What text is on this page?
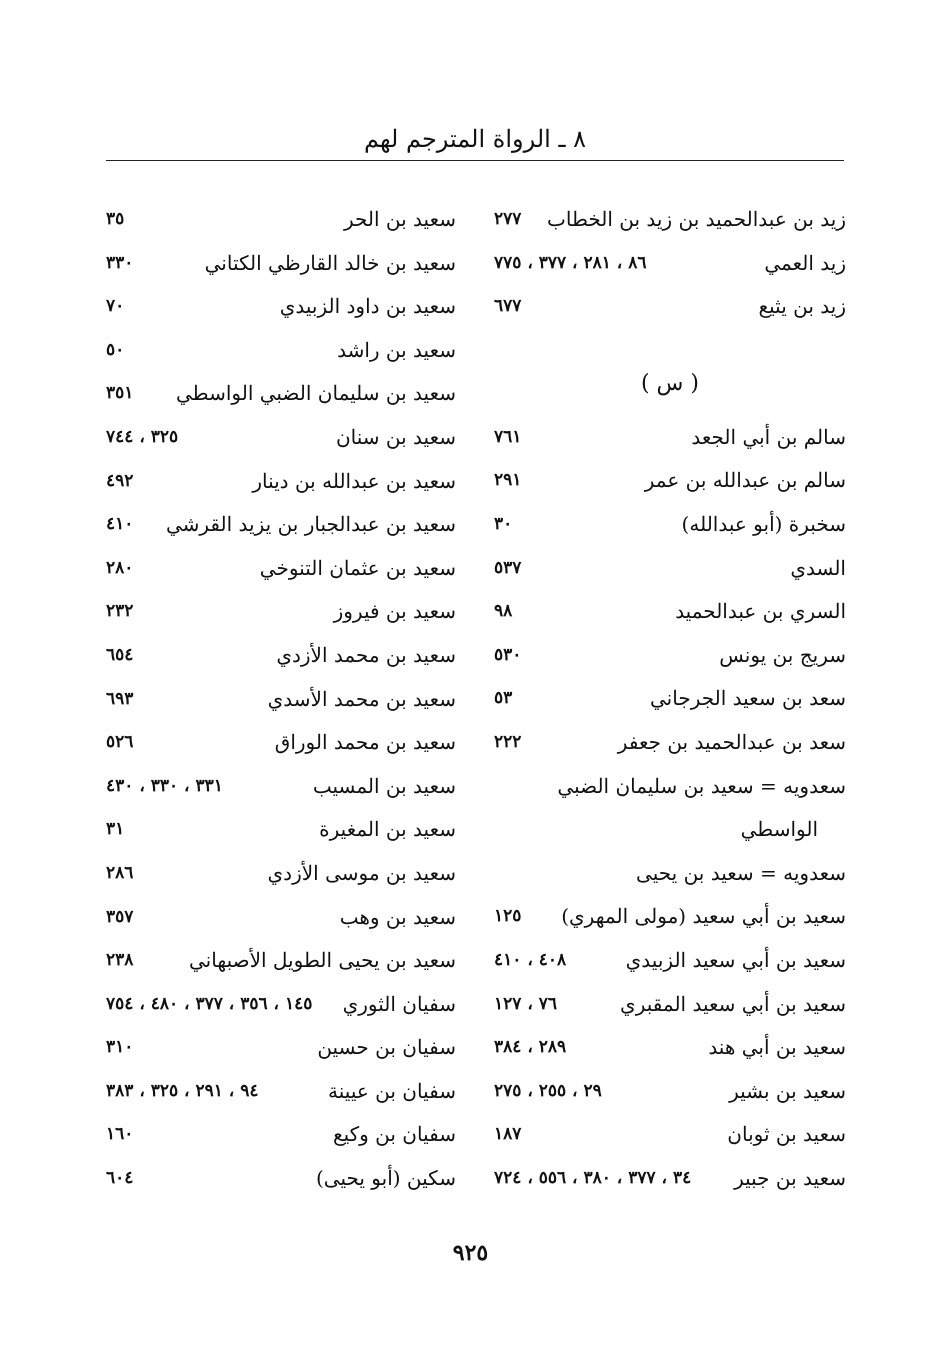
٨ ـ الرواة المترجم لهم
زيد بن عبدالحميد بن زيد بن الخطاب
٢٧٧
زيد العمي
٨٦ ، ٢٨١ ، ٣٧٧ ، ٧٧٥
زيد بن يثيع
٦٧٧
( س )
سالم بن أبي الجعد
٧٦١
سالم بن عبدالله بن عمر
٢٩١
سخبرة (أبو عبدالله)
٣٠
السدي
٥٣٧
السري بن عبدالحميد
٩٨
سريج بن يونس
٥٣٠
سعد بن سعيد الجرجاني
٥٣
سعد بن عبدالحميد بن جعفر
٢٢٢
سعدويه = سعيد بن سليمان الضبي
الواسطي
سعدويه = سعيد بن يحيى
سعيد بن أبي سعيد (مولى المهري)
١٢٥
سعيد بن أبي سعيد الزبيدي
٤٠٨ ، ٤١٠
سعيد بن أبي سعيد المقبري
٧٦ ، ١٢٧
سعيد بن أبي هند
٢٨٩ ، ٣٨٤
سعيد بن بشير
٢٩ ، ٢٥٥ ، ٢٧٥
سعيد بن ثوبان
١٨٧
سعيد بن جبير
٣٤ ، ٣٧٧ ، ٣٨٠ ، ٥٥٦ ، ٧٢٤
سعيد بن الحر
٣٥
سعيد بن خالد القارظي الكتاني
٣٣٠
سعيد بن داود الزبيدي
٧٠
سعيد بن راشد
٥٠
سعيد بن سليمان الضبي الواسطي
٣٥١
سعيد بن سنان
٣٢٥ ، ٧٤٤
سعيد بن عبدالله بن دينار
٤٩٢
سعيد بن عبدالجبار بن يزيد القرشي
٤١٠
سعيد بن عثمان التنوخي
٢٨٠
سعيد بن فيروز
٢٣٢
سعيد بن محمد الأزدي
٦٥٤
سعيد بن محمد الأسدي
٦٩٣
سعيد بن محمد الوراق
٥٢٦
سعيد بن المسيب
٣٣١ ، ٣٣٠ ، ٤٣٠
سعيد بن المغيرة
٣١
سعيد بن موسى الأزدي
٢٨٦
سعيد بن وهب
٣٥٧
سعيد بن يحيى الطويل الأصبهاني
٢٣٨
سفيان الثوري
١٤٥ ، ٣٥٦ ، ٣٧٧ ، ٤٨٠ ، ٧٥٤
سفيان بن حسين
٣١٠
سفيان بن عيينة
٩٤ ، ٢٩١ ، ٣٢٥ ، ٣٨٣
سفيان بن وكيع
١٦٠
سكين (أبو يحيى)
٦٠٤
٩٢٥
